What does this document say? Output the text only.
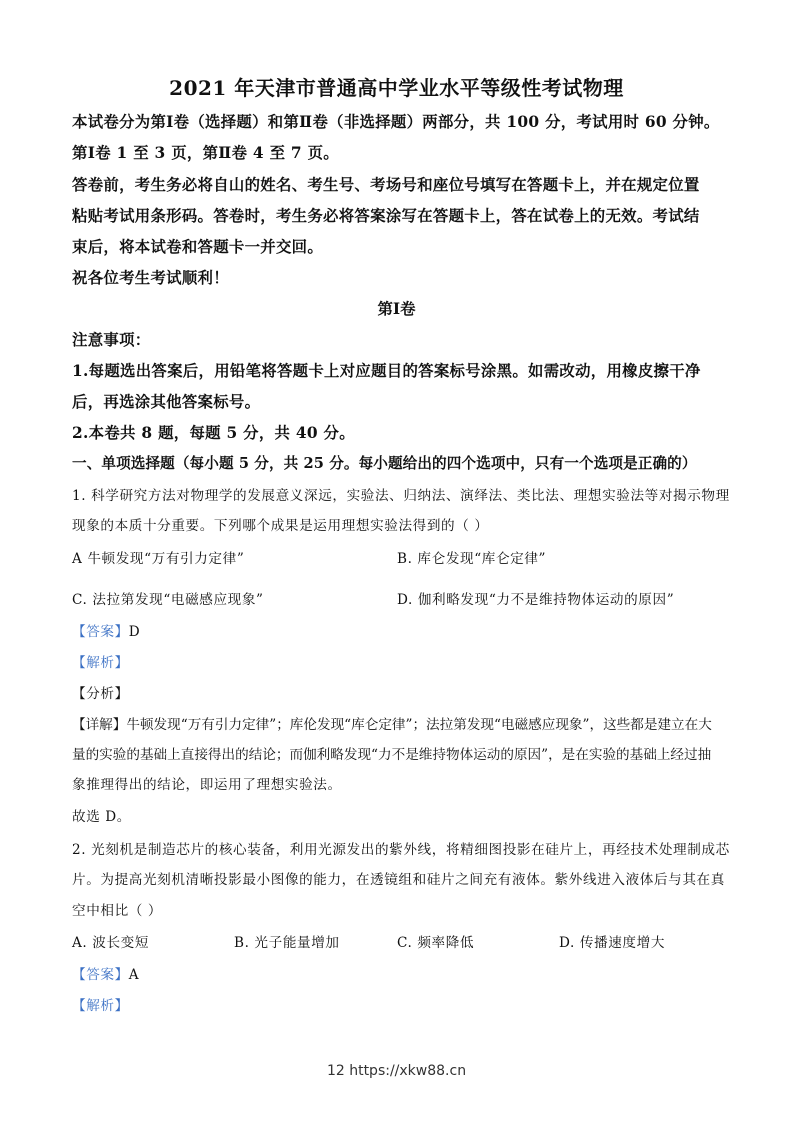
2021 年天津市普通高中学业水平等级性考试物理
本试卷分为第Ⅰ卷（选择题）和第Ⅱ卷（非选择题）两部分，共 100 分，考试用时 60 分钟。
第Ⅰ卷 1 至 3 页，第Ⅱ卷 4 至 7 页。
答卷前，考生务必将自山的姓名、考生号、考场号和座位号填写在答题卡上，并在规定位置
粘贴考试用条形码。答卷时，考生务必将答案涂写在答题卡上，答在试卷上的无效。考试结
束后，将本试卷和答题卡一并交回。
祝各位考生考试顺利！
第Ⅰ卷
注意事项：
1.每题选出答案后，用铅笔将答题卡上对应题目的答案标号涂黑。如需改动，用橡皮擦干净
后，再选涂其他答案标号。
2.本卷共 8 题，每题 5 分，共 40 分。
一、单项选择题（每小题 5 分，共 25 分。每小题给出的四个选项中，只有一个选项是正确的）
1. 科学研究方法对物理学的发展意义深远，实验法、归纳法、演绎法、类比法、理想实验法等对揭示物理
现象的本质十分重要。下列哪个成果是运用理想实验法得到的（ ）
A 牛顿发现“万有引力定律”	B. 库仑发现“库仑定律”
C. 法拉第发现“电磁感应现象”	D. 伽利略发现“力不是维持物体运动的原因”
【答案】D
【解析】
【分析】
【详解】牛顿发现“万有引力定律”；库伦发现“库仑定律”；法拉第发现“电磁感应现象”，这些都是建立在大
量的实验的基础上直接得出的结论；而伽利略发现“力不是维持物体运动的原因”，是在实验的基础上经过抽
象推理得出的结论，即运用了理想实验法。
故选 D。
2. 光刻机是制造芯片的核心装备，利用光源发出的紫外线，将精细图投影在硅片上，再经技术处理制成芯
片。为提高光刻机清晰投影最小图像的能力，在透镜组和硅片之间充有液体。紫外线进入液体后与其在真
空中相比（ ）
A. 波长变短	B. 光子能量增加	C. 频率降低	D. 传播速度增大
【答案】A
【解析】
12 https://xkw88.cn
